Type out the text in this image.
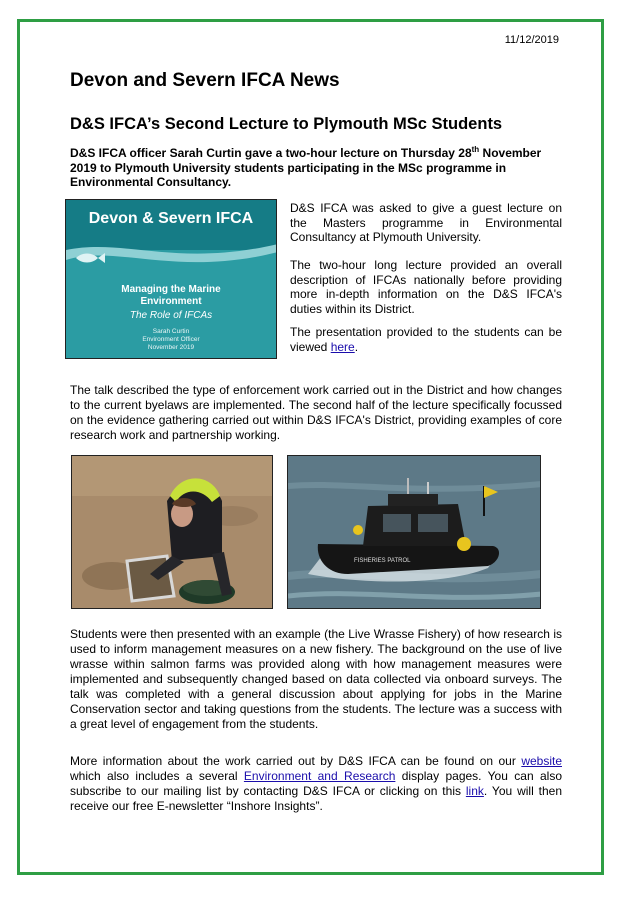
11/12/2019
Devon and Severn IFCA News
D&S IFCA’s Second Lecture to Plymouth MSc Students

D&S IFCA officer Sarah Curtin gave a two-hour lecture on Thursday 28th November 2019 to Plymouth University students participating in the MSc programme in Environmental Consultancy.

Devon & Severn IFCA
Managing the Marine
Environment
The Role of IFCAs
Sarah Curtin
Environment Officer
November 2019

D&S IFCA was asked to give a guest lecture on the Masters programme in Environmental Consultancy at Plymouth University.

The two-hour long lecture provided an overall description of IFCAs nationally before providing more in-depth information on the D&S IFCA's duties within its District.

The presentation provided to the students can be viewed here.

The talk described the type of enforcement work carried out in the District and how changes to the current byelaws are implemented. The second half of the lecture specifically focussed on the evidence gathering carried out within D&S IFCA's District, providing examples of core research work and partnership working.

FISHERIES PATROL

Students were then presented with an example (the Live Wrasse Fishery) of how research is used to inform management measures on a new fishery. The background on the use of live wrasse within salmon farms was provided along with how management measures were implemented and subsequently changed based on data collected via onboard surveys. The talk was completed with a general discussion about applying for jobs in the Marine Conservation sector and taking questions from the students. The lecture was a success with a great level of engagement from the students.

More information about the work carried out by D&S IFCA can be found on our website which also includes a several Environment and Research display pages. You can also subscribe to our mailing list by contacting D&S IFCA or clicking on this link. You will then receive our free E-newsletter “Inshore Insights”.
